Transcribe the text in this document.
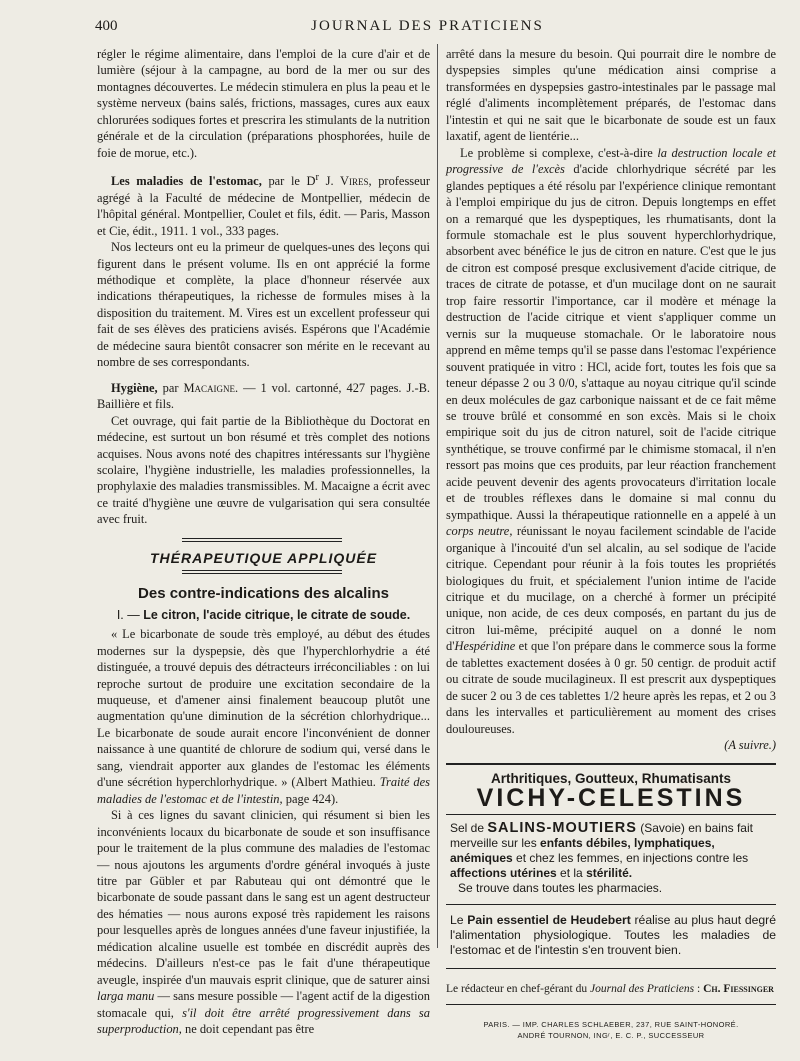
400	JOURNAL DES PRATICIENS

régler le régime alimentaire, dans l'emploi de la cure d'air et de lumière (séjour à la campagne, au bord de la mer ou sur des montagnes découvertes. Le médecin stimulera en plus la peau et le système nerveux (bains salés, frictions, massages, cures aux eaux chlorurées sodiques fortes et prescrira les stimulants de la nutrition générale et de la circulation (préparations phosphorées, huile de foie de morue, etc.).

Les maladies de l'estomac, par le $D^r$ J. Vires, professeur agrégé à la Faculté de médecine de Montpellier, médecin de l'hôpital général. Montpellier, Coulet et fils, édit. — Paris, Masson et Cie, édit., 1911. 1 vol., 333 pages.

Nos lecteurs ont eu la primeur de quelques-unes des leçons qui figurent dans le présent volume. Ils en ont apprécié la forme méthodique et complète, la place d'honneur réservée aux indications thérapeutiques, la richesse de formules mises à la disposition du traitement. M. Vires est un excellent professeur qui fait de ses élèves des praticiens avisés. Espérons que l'Académie de médecine saura bientôt consacrer son mérite en le recevant au nombre de ses correspondants.

Hygiène, par Macaigne. — 1 vol. cartonné, 427 pages. J.-B. Baillière et fils.

Cet ouvrage, qui fait partie de la Bibliothèque du Doctorat en médecine, est surtout un bon résumé et très complet des notions acquises. Nous avons noté des chapitres intéressants sur l'hygiène scolaire, l'hygiène industrielle, les maladies professionnelles, la prophylaxie des maladies transmissibles. M. Macaigne a écrit avec ce traité d'hygiène une œuvre de vulgarisation qui sera consultée avec fruit.

THÉRAPEUTIQUE APPLIQUÉE
Des contre-indications des alcalins
I. — Le citron, l'acide citrique, le citrate de soude.

« Le bicarbonate de soude très employé, au début des études modernes sur la dyspepsie, dès que l'hyperchlorhydrie a été distinguée, a trouvé depuis des détracteurs irréconciliables : on lui reproche surtout de produire une excitation secondaire de la muqueuse, et d'amener ainsi finalement beaucoup plutôt une augmentation qu'une diminution de la sécrétion chlorhydrique... Le bicarbonate de soude aurait encore l'inconvénient de donner naissance à une quantité de chlorure de sodium qui, versé dans le sang, viendrait apporter aux glandes de l'estomac les éléments d'une sécrétion hyperchlorhydrique. » (Albert Mathieu. Traité des maladies de l'estomac et de l'intestin, page 424).

Si à ces lignes du savant clinicien, qui résument si bien les inconvénients locaux du bicarbonate de soude et son insuffisance pour le traitement de la plus commune des maladies de l'estomac — nous ajoutons les arguments d'ordre général invoqués à juste titre par Gübler et par Rabuteau qui ont démontré que le bicarbonate de soude passant dans le sang est un agent destructeur des hématies — nous aurons exposé très rapidement les raisons pour lesquelles après de longues années d'une faveur injustifiée, la médication alcaline usuelle est tombée en discrédit auprès des médecins. D'ailleurs n'est-ce pas le fait d'une thérapeutique aveugle, inspirée d'un mauvais esprit clinique, que de saturer ainsi larga manu — sans mesure possible — l'agent actif de la digestion stomacale qui, s'il doit être arrêté progressivement dans sa superproduction, ne doit cependant pas être

arrêté dans la mesure du besoin. Qui pourrait dire le nombre de dyspepsies simples qu'une médication ainsi comprise a transformées en dyspepsies gastro-intestinales par le passage mal réglé d'aliments incomplètement préparés, de l'estomac dans l'intestin et qui ne sait que le bicarbonate de soude est un faux laxatif, agent de lientérie...

Le problème si complexe, c'est-à-dire la destruction locale et progressive de l'excès d'acide chlorhydrique sécrété par les glandes peptiques a été résolu par l'expérience clinique remontant à l'emploi empirique du jus de citron. Depuis longtemps en effet on a remarqué que les dyspeptiques, les rhumatisants, dont la formule stomachale est le plus souvent hyperchlorhydrique, absorbent avec bénéfice le jus de citron en nature. C'est que le jus de citron est composé presque exclusivement d'acide citrique, de traces de citrate de potasse, et d'un mucilage dont on ne saurait trop faire ressortir l'importance, car il modère et ménage la destruction de l'acide citrique et vient s'appliquer comme un vernis sur la muqueuse stomachale. Or le laboratoire nous apprend en même temps qu'il se passe dans l'estomac l'expérience souvent pratiquée in vitro : HCl, acide fort, toutes les fois que sa teneur dépasse 2 ou 3 0/0, s'attaque au noyau citrique qu'il scinde en deux molécules de gaz carbonique naissant et de ce fait même se trouve brûlé et consommé en son excès. Mais si le choix empirique soit du jus de citron naturel, soit de l'acide citrique synthétique, se trouve confirmé par le chimisme stomacal, il n'en ressort pas moins que ces produits, par leur réaction franchement acide peuvent devenir des agents provocateurs d'irritation locale et de troubles réflexes dans le domaine si mal connu du sympathique. Aussi la thérapeutique rationnelle en a appelé à un corps neutre, réunissant le noyau facilement scindable de l'acide organique à l'incouité d'un sel alcalin, au sel sodique de l'acide citrique. Cependant pour réunir à la fois toutes les propriétés biologiques du fruit, et spécialement l'union intime de l'acide citrique et du mucilage, on a cherché à former un précipité unique, non acide, de ces deux composés, en partant du jus de citron lui-même, précipité auquel on a donné le nom d'Hespéridine et que l'on prépare dans le commerce sous la forme de tablettes exactement dosées à 0 gr. 50 centigr. de produit actif ou citrate de soude mucilagineux. Il est prescrit aux dyspeptiques de sucer 2 ou 3 de ces tablettes 1/2 heure après les repas, et 2 ou 3 dans les intervalles et particulièrement au moment des crises douloureuses.

(A suivre.)

Arthritiques, Goutteux, Rhumatisants
VICHY-CELESTINS
Sel de SALINS-MOUTIERS (Savoie) en bains fait merveille sur les enfants débiles, lymphatiques, anémiques et chez les femmes, en injections contre les affections utérines et la stérilité.
Se trouve dans toutes les pharmacies.
Le Pain essentiel de Heudebert réalise au plus haut degré l'alimentation physiologique. Toutes les maladies de l'estomac et de l'intestin s'en trouvent bien.
Le rédacteur en chef-gérant du Journal des Praticiens : Ch. Fiessinger
PARIS. — IMP. CHARLES SCHLAEBER, 237, RUE SAINT-HONORÉ.
ANDRÉ TOURNON, INGʳ, E. C. P., SUCCESSEUR
